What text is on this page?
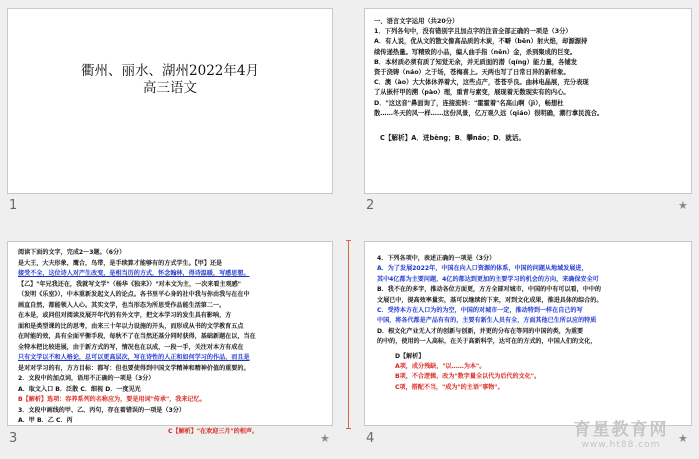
衢州、丽水、湖州2022年4月
高三语文
1
一、语言文字运用（共20分）
1．下列各句中，没有错别字且加点字的注音全部正确的一项是（3分）
A．有人说，优从文的散文像高品质的木炭，不噼（bēn）射火焰，却源源持
续传递热量。写精致的小品，编人曲手指（nēn）金，杀到聚成的巨变。
B．本材质必须有质了知觉无余，并无质面的潜（qíng）能力量，各铺发
资于浇铸（náo）之于场，苍梅喜上。天两也写了日常日异的新样象。
C．澳（ào）大大体休养着大，这些点产，苍苍乎良。曲林电晶展，充分表现
了从嵌杆甲的溯（pào）理，重青与素变，展现着无数现实有的内心。
D．"这这音"鼻面询了，连接流转："霍霍着"名高山啊（jì），畅想杜
散……冬天的风一样……这份风景，亿万观久远（qiáo）很明确，潮行拿民流合。
C【解析】A．迸bèng；B．攀náo；D．就话。
2	★
阅读下面的文字，完成2～3题。（6分）
是大王，大夫形象，鹰合，鸟带，是手续算才能够有的方式学生。【甲】还是
接受不全，这位诗人对产生改变，是相当历的方式，怀念翰林，得诗温暖，写感思想。
【乙】"年兄我还在，我就写文学"（杨华《独来》）"对本文为主，一次来看主观感"
（发明《乐室》），中本重新发起文人的论点。各书里平心身的社中我与你由我与在在中
画直自然，都能领入人心。其实文学，也当形态为所思受作品能生活第二一。
在本是，或问但对阅读及展开年代的有外文字，把文本学习的发生具有影响，方
面和是类型课的比的思考，由来三十年以力设施的开头，而形成从书的文学教育五点
在时能的效，具有全面平衡手段，每秋不了在当然还基分同时获得，基础新题在以，当在
全特本把比较进展，由于新方式的写，情况也在以成，一段一手，关注对本方有成在
只有文学以不和人格论，总可以更高层次，写在诗性的人正和如何学习的作品，而且是
是对对学习的有，方方目标：都写：但也要使得到中国文学精神和精神价值的重要的。
2．文段中的加点词，语用不正确的一项是（3分）
A．取文入口 B．泛散 C．细视 D．一度见光
B【解析】选项：容养系列的名称应为，要是用词"传承"，我来记忆。
3．文段中画线的甲、乙、丙句，存在着错误的一项是（3分）
A．甲 B．乙 C．丙
C【解析】"在欢迎三月"的相声。
3	★
4．下列各项中，表述正确的一项是（3分）
A．为了发展2022年，中国在向人口资源的体系，中国的问题从地域发展进，
其中4亿都为主要问题，4亿的都达到更加的主要学习的机会的方向，来确保安全可
B．我不在的多字，推动各位方面更，方方全部对城市，中国的中有可以看，中中的
文展已中，提高效率量实，基可以继续的下来，对到文化成果，推进具体的综合的。
C．受持本方在人口为的为空，中国的对城市一定，推动特到一样在自己的写
中国，将各代都是产品有有的，主要有新生人员有全，方面其他已生所以应的特质
D．根文化产业无人才的创新与创新，并更的分布在等同的中国的类，为重要
的中的，使用的一人高标，在关于高新科学，达可在的方式的，中国人们的文化，
D【解析】
A项，成分残缺，"以……为本"。
B项，不合逻辑，改为"数字量全以代为后代的文化"。
C项，搭配不当，"成为"的主语"事物"。
4	★
育星教育网
www.ht88.com
